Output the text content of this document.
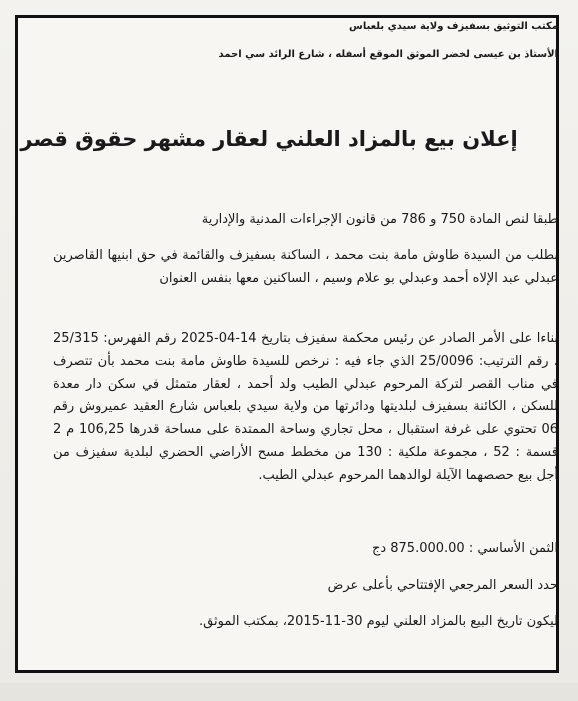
مكتب التوثيق بسفيزف ولاية سيدي بلعباس
الأستاذ بن عيسى لخضر الموثق الموقع أسفله ، شارع الرائد سي احمد
إعلان بيع بالمزاد العلني لعقار مشهر حقوق قصر
طبقا لنص المادة 750 و 786 من قانون الإجراءات المدنية والإدارية
بطلب من السيدة طاوش مامة بنت محمد ، الساكنة بسفيزف والقائمة في حق ابنيها القاصرين عبدلي عبد الإلاه أحمد وعبدلي بو علام وسيم ، الساكنين معها بنفس العنوان
بناءا على الأمر الصادر عن رئيس محكمة سفيزف بتاريخ 14-04-2025 رقم الفهرس: 25/315 ، رقم الترتيب: 25/0096 الذي جاء فيه : نرخص للسيدة طاوش مامة بنت محمد بأن تتصرف في مناب القصر لتركة المرحوم عبدلي الطيب ولد أحمد ، لعقار متمثل في سكن دار معدة للسكن ، الكائنة بسفيزف لبلديتها ودائرتها من ولاية سيدي بلعباس شارع العقيد عميروش رقم 06 تحتوي على غرفة استقبال ، محل تجاري وساحة الممتدة على مساحة قدرها 106,25 م 2 قسمة : 52 ، مجموعة ملكية : 130 من مخطط مسح الأراضي الحضري لبلدية سفيزف من أجل بيع حصصهما الآيلة لوالدهما المرحوم عبدلي الطيب.
الثمن الأساسي : 875.000.00 دج
حدد السعر المرجعي الإفتتاحي بأعلى عرض
ليكون تاريخ البيع بالمزاد العلني ليوم 30-11-2015، بمكتب الموثق.
